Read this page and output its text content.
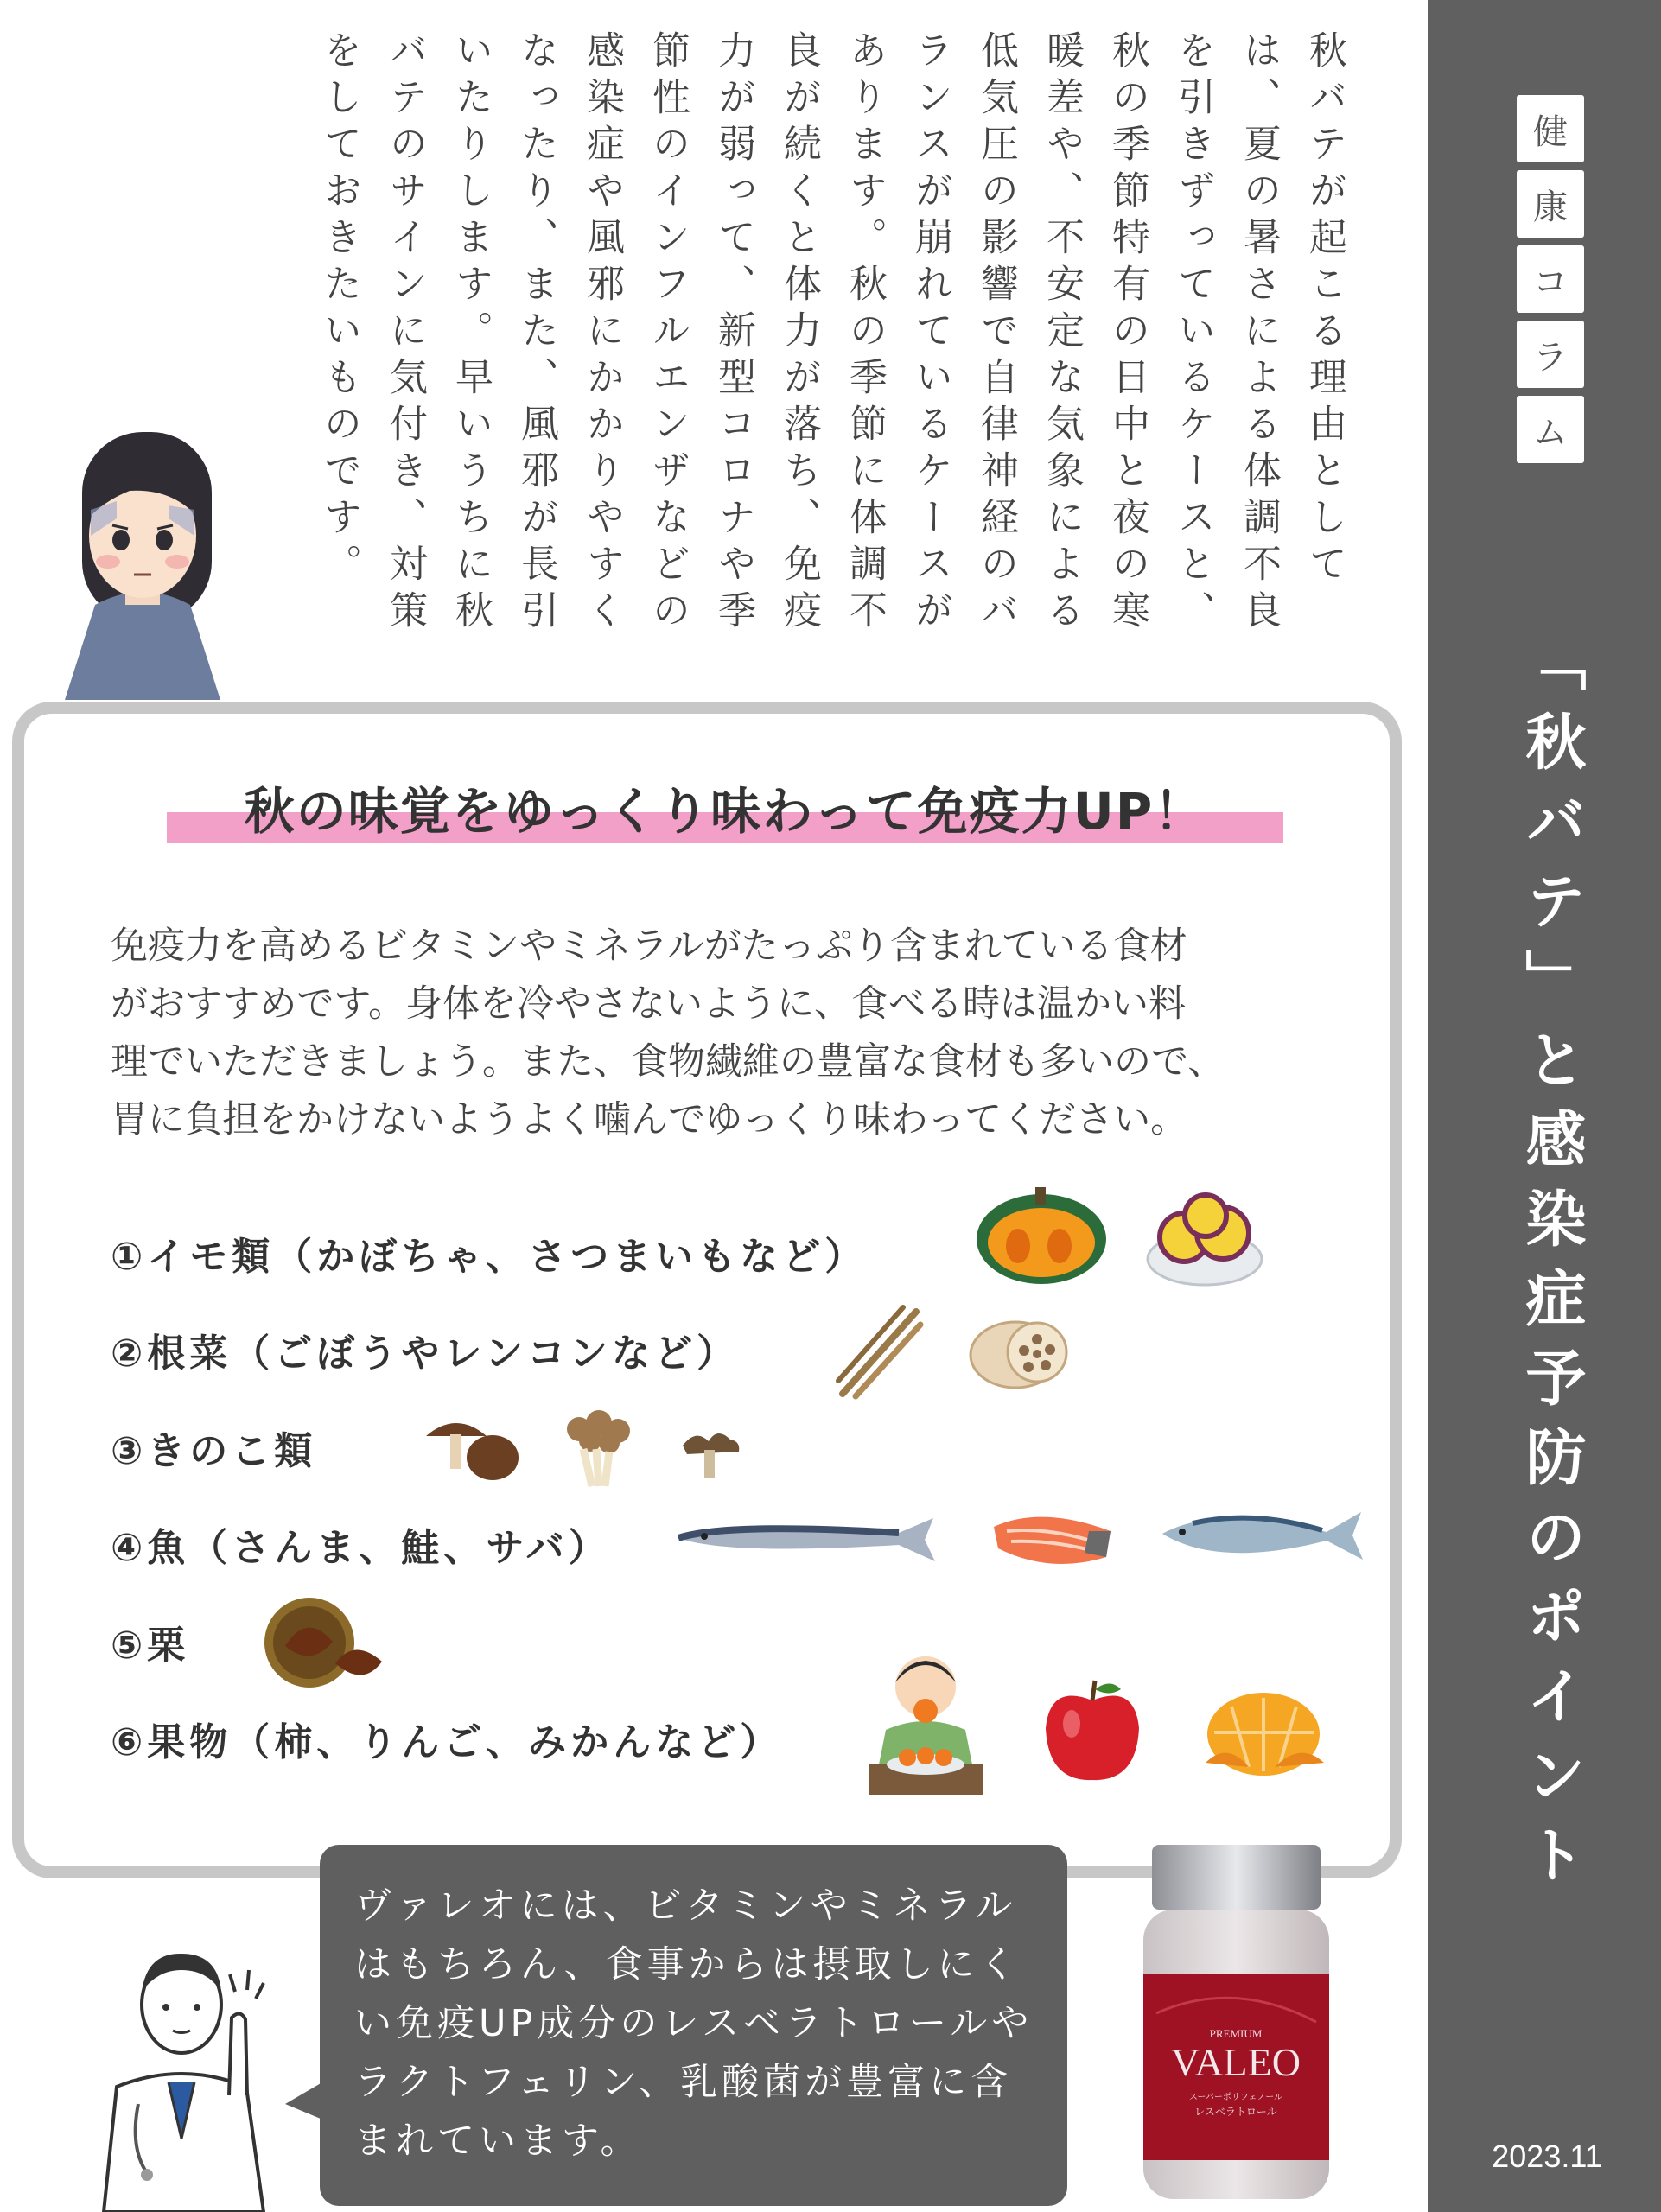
健
康
コ
ラ
ム
「秋バテ」と感染症予防のポイント
2023.11
秋バテが起こる理由としては、夏の暑さによる体調不良を引きずっているケースと、秋の季節特有の日中と夜の寒暖差や、不安定な気象による低気圧の影響で自律神経のバランスが崩れているケースがあります。秋の季節に体調不良が続くと体力が落ち、免疫力が弱って、新型コロナや季節性のインフルエンザなどの感染症や風邪にかかりやすくなったり、また、風邪が長引いたりします。早いうちに秋バテのサインに気付き、対策をしておきたいものです。
秋の味覚をゆっくり味わって免疫力UP！
免疫力を高めるビタミンやミネラルがたっぷり含まれている食材
がおすすめです。身体を冷やさないように、食べる時は温かい料
理でいただきましょう。また、食物繊維の豊富な食材も多いので、
胃に負担をかけないようよく噛んでゆっくり味わってください。
①イモ類（かぼちゃ、さつまいもなど）
②根菜（ごぼうやレンコンなど）
③きのこ類
④魚（さんま、鮭、サバ）
⑤栗
⑥果物（柿、りんご、みかんなど）
ヴァレオには、ビタミンやミネラルはもちろん、食事からは摂取しにくい免疫UP成分のレスベラトロールやラクトフェリン、乳酸菌が豊富に含まれています。
PREMIUM
VALEO
スーパーポリフェノール
レスベラトロール
